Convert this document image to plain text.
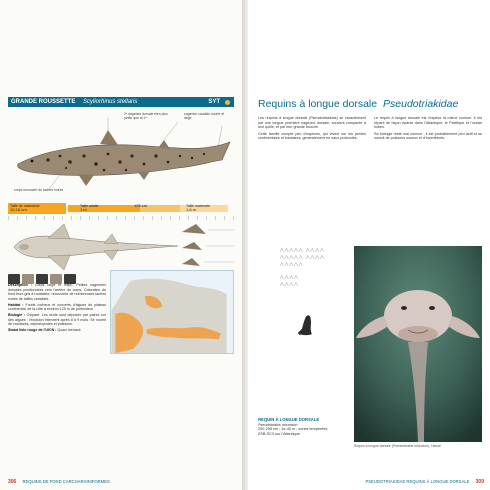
GRANDE ROUSSETTE Scyliorhinus stellaris	SYT
2ᵉ nageoire dorsale bien plus petite que la 1ʳᵉ
corps recouvert de taches noires
nageoire caudale courte et large
Taille de naissance
10-16 cm
Taille adulte
1 m
125 cm	Taille maximale
1,6 m

Description : Corps large et trapu. Petites nageoires dorsales positionnées vers l'arrière du corps. Coloration de fond brun-gris à roussâtre, recouverte de nombreuses taches noires de tailles variables.

Habitat : Fonds rocheux et couverts d'algues du plateau continental, de la côte à environ 125 m de profondeur.

Biologie : Ovipare. Les œufs sont déposés par paires sur des algues ; l'éclosion intervient après 8 à 9 mois. Se nourrit de crustacés, céphalopodes et poissons.

Statut liste rouge de l'UICN : Quasi menacé.

306 REQUINS DE FOND CARCHARHINIFORMES
Requins à longue dorsale Pseudotriakidae

Les requins à longue dorsale (Pseudotriakidae) se caractérisent par une longue première nageoire dorsale, souvent comparée à une quille, et par leur grande bouche.

Cette famille compte peu d'espèces, qui vivent sur les pentes continentales et insulaires, généralement en eaux profondes.

Le requin à longue dorsale est l'espèce la mieux connue. Il est réparti de façon éparse dans l'Atlantique, le Pacifique et l'océan Indien.

Sa biologie reste mal connue ; il est probablement peu actif et se nourrit de poissons osseux et d'invertébrés.

REQUIN À LONGUE DORSALE
Pseudotriakis microdon
200-295 cm ; 1e-40 m ; zones tempérées
ZSB-SC3 sur l'Atlantique
Requin à longue dorsale (Pseudotriakis microdon), Hawaï
PSEUDOTRIAKIDAE REQUINS À LONGUE DORSALE 309
